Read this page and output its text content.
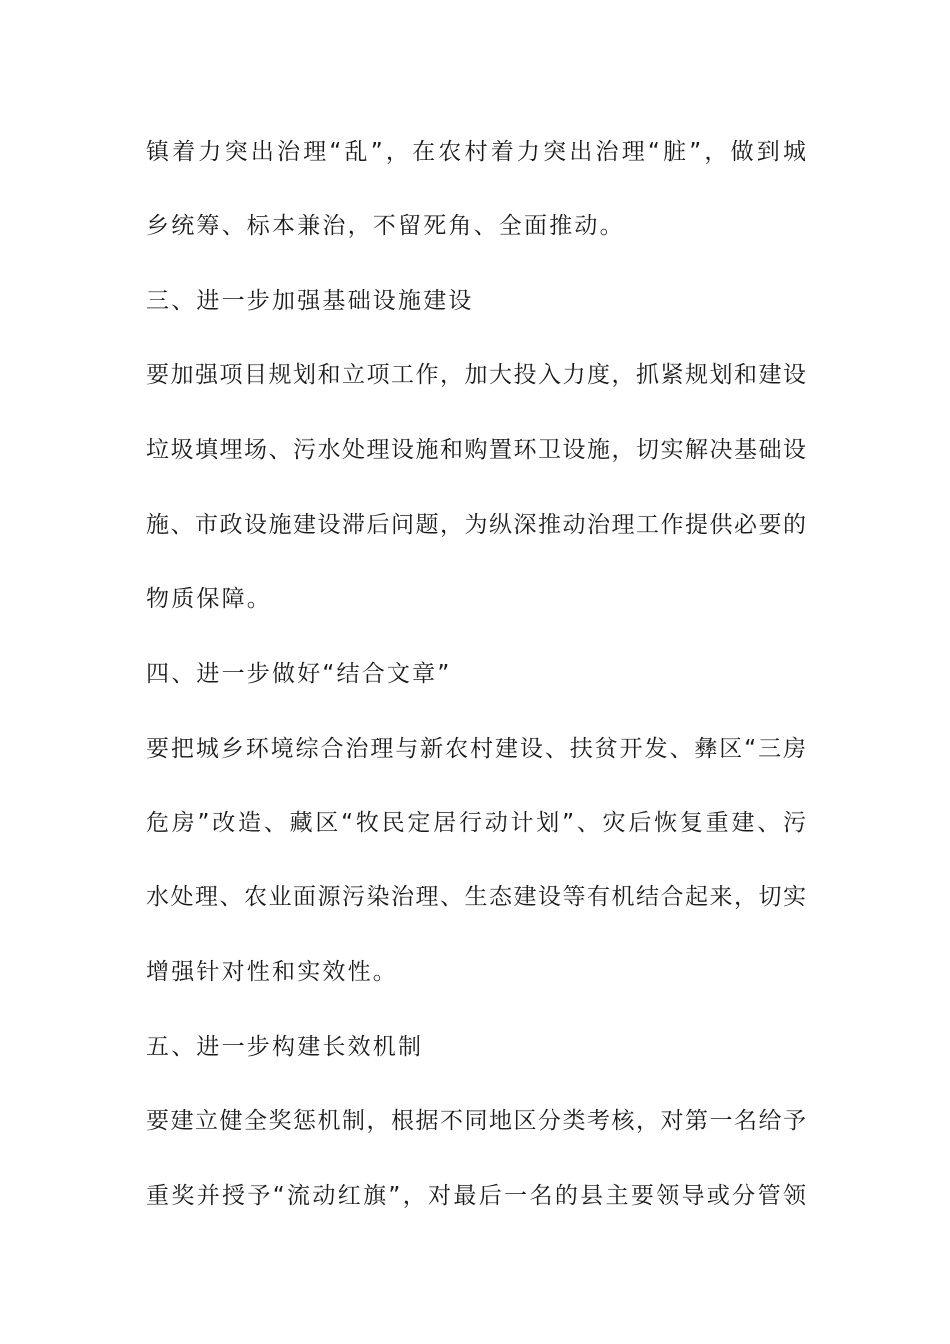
镇着力突出治理“乱”，在农村着力突出治理“脏”，做到城
乡统筹、标本兼治，不留死角、全面推动。
三、进一步加强基础设施建设
要加强项目规划和立项工作，加大投入力度，抓紧规划和建设
垃圾填埋场、污水处理设施和购置环卫设施，切实解决基础设
施、市政设施建设滞后问题，为纵深推动治理工作提供必要的
物质保障。
四、进一步做好“结合文章”
要把城乡环境综合治理与新农村建设、扶贫开发、彝区“三房
危房”改造、藏区“牧民定居行动计划”、灾后恢复重建、污
水处理、农业面源污染治理、生态建设等有机结合起来，切实
增强针对性和实效性。
五、进一步构建长效机制
要建立健全奖惩机制，根据不同地区分类考核，对第一名给予
重奖并授予“流动红旗”，对最后一名的县主要领导或分管领
